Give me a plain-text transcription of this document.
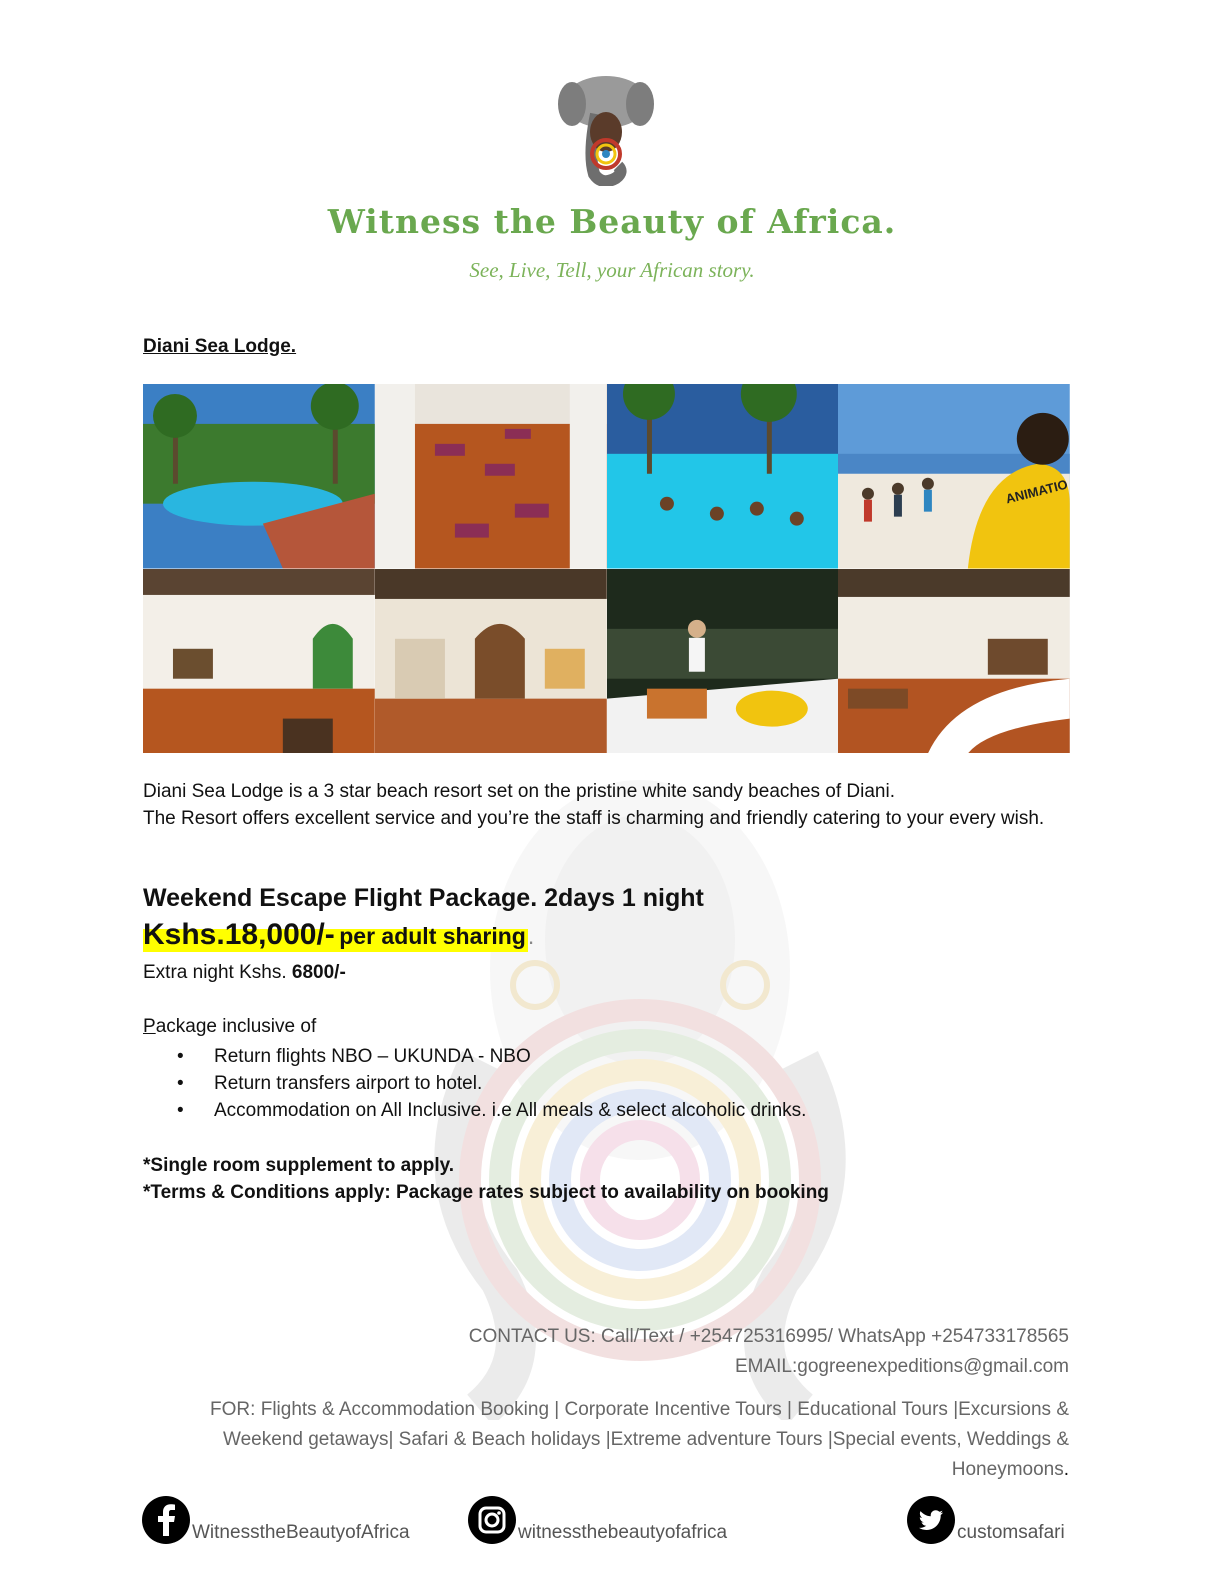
Witness the Beauty of Africa.
See, Live, Tell, your African story.
Diani Sea Lodge.
ANIMATIO

Diani Sea Lodge is a 3 star beach resort set on the pristine white sandy beaches of Diani.

The Resort offers excellent service and you’re the staff is charming and friendly catering to your every wish.

Weekend Escape Flight Package. 2days 1 night
Kshs.18,000/- per adult sharing.
Extra night Kshs. 6800/-
Package inclusive of
• Return flights NBO – UKUNDA - NBO
• Return transfers airport to hotel.
• Accommodation on All Inclusive. i.e All meals & select alcoholic drinks.
*Single room supplement to apply.
*Terms & Conditions apply: Package rates subject to availability on booking
CONTACT US: Call/Text / +254725316995/ WhatsApp +254733178565
EMAIL:gogreenexpeditions@gmail.com
FOR: Flights & Accommodation Booking | Corporate Incentive Tours | Educational Tours |Excursions &
Weekend getaways| Safari & Beach holidays |Extreme adventure Tours |Special events, Weddings &
Honeymoons.
WitnesstheBeautyofAfrica	witnessthebeautyofafrica	customsafari
